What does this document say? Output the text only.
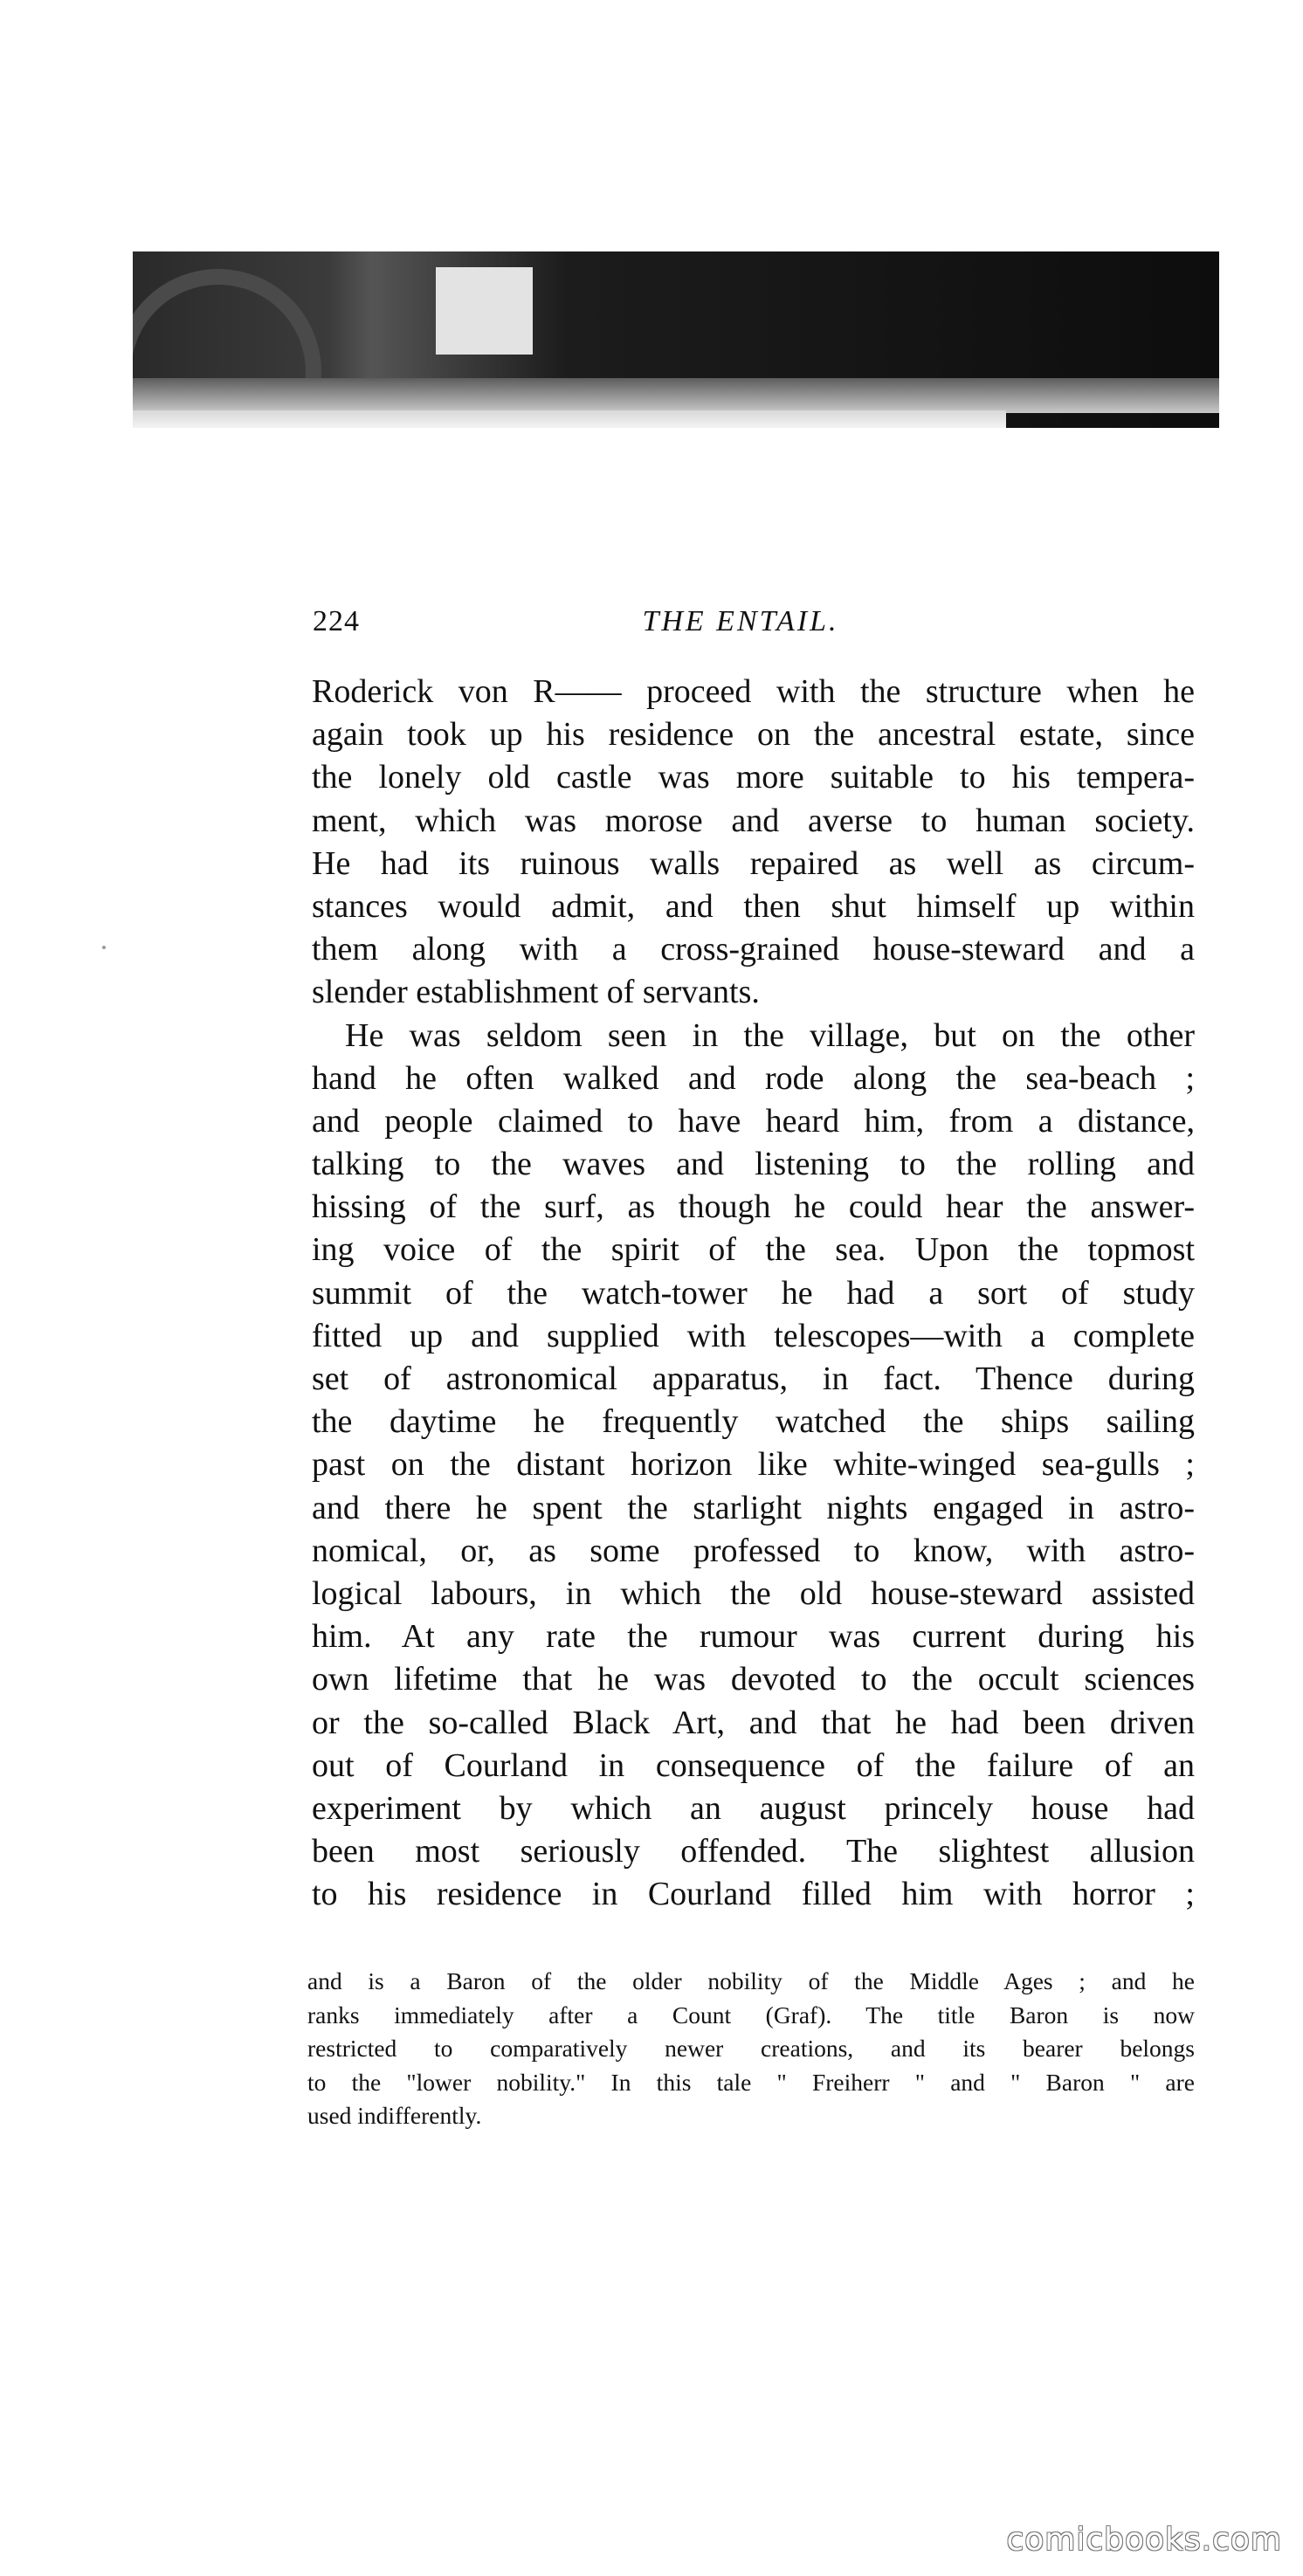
224	THE ENTAIL.
Roderick von R—— proceed with the structure when he
again took up his residence on the ancestral estate, since
the lonely old castle was more suitable to his tempera-
ment, which was morose and averse to human society.
He had its ruinous walls repaired as well as circum-
stances would admit, and then shut himself up within
them along with a cross-grained house-steward and a
slender establishment of servants.
He was seldom seen in the village, but on the other
hand he often walked and rode along the sea-beach ;
and people claimed to have heard him, from a distance,
talking to the waves and listening to the rolling and
hissing of the surf, as though he could hear the answer-
ing voice of the spirit of the sea. Upon the topmost
summit of the watch-tower he had a sort of study
fitted up and supplied with telescopes—with a complete
set of astronomical apparatus, in fact. Thence during
the daytime he frequently watched the ships sailing
past on the distant horizon like white-winged sea-gulls ;
and there he spent the starlight nights engaged in astro-
nomical, or, as some professed to know, with astro-
logical labours, in which the old house-steward assisted
him. At any rate the rumour was current during his
own lifetime that he was devoted to the occult sciences
or the so-called Black Art, and that he had been driven
out of Courland in consequence of the failure of an
experiment by which an august princely house had
been most seriously offended. The slightest allusion
to his residence in Courland filled him with horror ;
and is a Baron of the older nobility of the Middle Ages ; and he
ranks immediately after a Count (Graf). The title Baron is now
restricted to comparatively newer creations, and its bearer belongs
to the "lower nobility." In this tale " Freiherr " and " Baron " are
used indifferently.
comicbooks.com
